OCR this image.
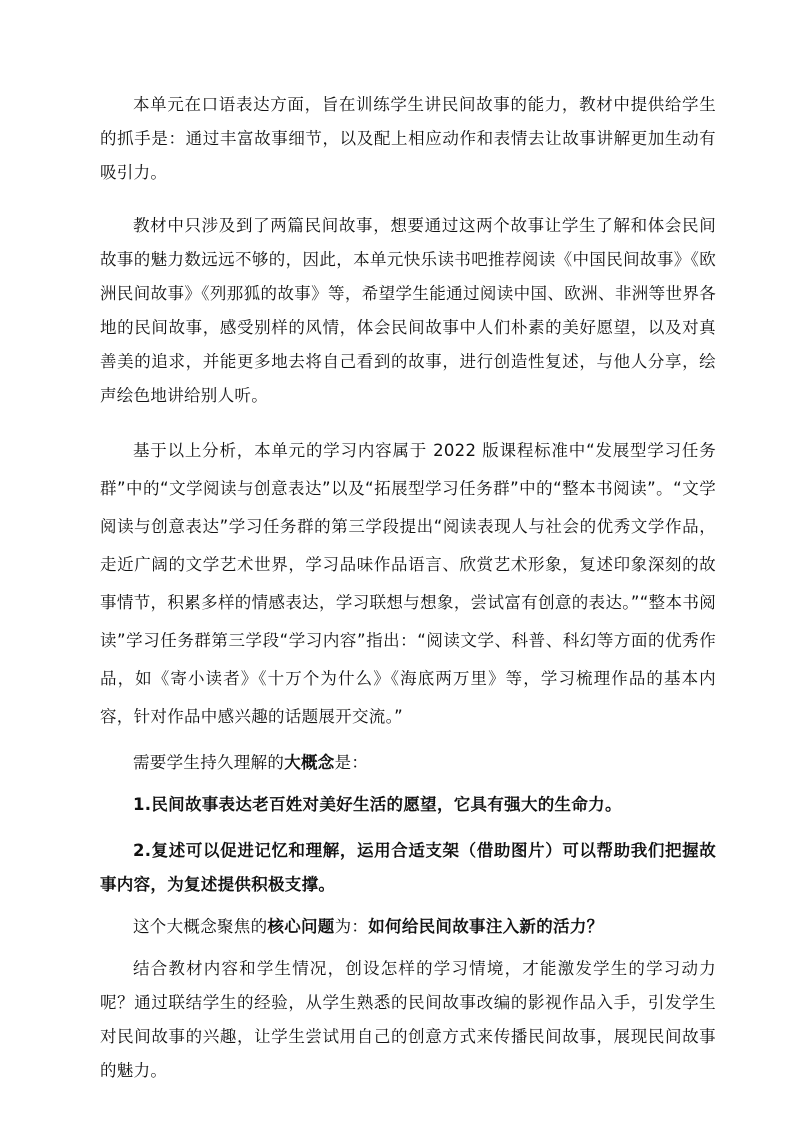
本单元在口语表达方面，旨在训练学生讲民间故事的能力，教材中提供给学生的抓手是：通过丰富故事细节，以及配上相应动作和表情去让故事讲解更加生动有吸引力。

教材中只涉及到了两篇民间故事，想要通过这两个故事让学生了解和体会民间故事的魅力数远远不够的，因此，本单元快乐读书吧推荐阅读《中国民间故事》《欧洲民间故事》《列那狐的故事》等，希望学生能通过阅读中国、欧洲、非洲等世界各地的民间故事，感受别样的风情，体会民间故事中人们朴素的美好愿望，以及对真善美的追求，并能更多地去将自己看到的故事，进行创造性复述，与他人分享，绘声绘色地讲给别人听。

基于以上分析，本单元的学习内容属于 2022 版课程标准中“发展型学习任务群”中的“文学阅读与创意表达”以及“拓展型学习任务群”中的“整本书阅读”。“文学阅读与创意表达”学习任务群的第三学段提出“阅读表现人与社会的优秀文学作品，走近广阔的文学艺术世界，学习品味作品语言、欣赏艺术形象，复述印象深刻的故事情节，积累多样的情感表达，学习联想与想象，尝试富有创意的表达。”“整本书阅读”学习任务群第三学段“学习内容”指出：“阅读文学、科普、科幻等方面的优秀作品，如《寄小读者》《十万个为什么》《海底两万里》等，学习梳理作品的基本内容，针对作品中感兴趣的话题展开交流。”

需要学生持久理解的大概念是：

1.民间故事表达老百姓对美好生活的愿望，它具有强大的生命力。

2.复述可以促进记忆和理解，运用合适支架（借助图片）可以帮助我们把握故事内容，为复述提供积极支撑。

这个大概念聚焦的核心问题为：如何给民间故事注入新的活力？

结合教材内容和学生情况，创设怎样的学习情境，才能激发学生的学习动力呢？通过联结学生的经验，从学生熟悉的民间故事改编的影视作品入手，引发学生对民间故事的兴趣，让学生尝试用自己的创意方式来传播民间故事，展现民间故事的魅力。
